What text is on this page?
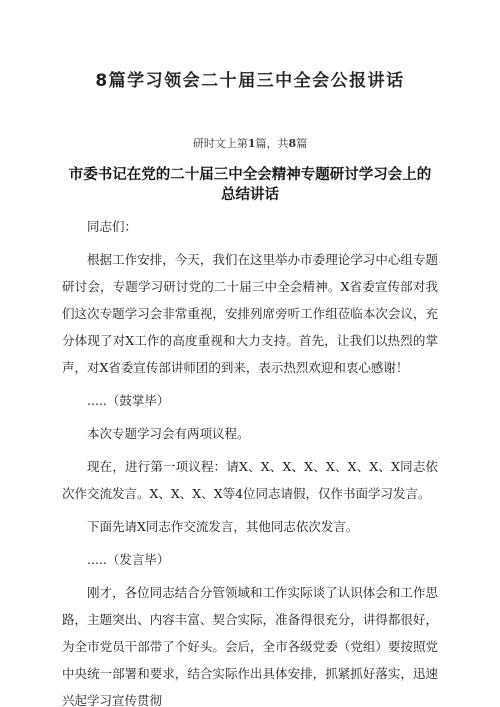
8篇学习领会二十届三中全会公报讲话
研时文上第1篇，共8篇
市委书记在党的二十届三中全会精神专题研讨学习会上的总结讲话

同志们：

根据工作安排，今天，我们在这里举办市委理论学习中心组专题研讨会，专题学习研讨党的二十届三中全会精神。X省委宣传部对我们这次专题学习会非常重视，安排列席旁听工作组莅临本次会议，充分体现了对X工作的高度重视和大力支持。首先，让我们以热烈的掌声，对X省委宣传部讲师团的到来，表示热烈欢迎和衷心感谢！

.....（鼓掌毕）

本次专题学习会有两项议程。

现在，进行第一项议程：请X、X、X、X、X、X、X、X同志依次作交流发言。X、X、X、X等4位同志请假，仅作书面学习发言。

下面先请X同志作交流发言，其他同志依次发言。

.....（发言毕）

刚才，各位同志结合分管领域和工作实际谈了认识体会和工作思路，主题突出、内容丰富、契合实际，准备得很充分，讲得都很好，为全市党员干部带了个好头。会后，全市各级党委（党组）要按照党中央统一部署和要求，结合实际作出具体安排，抓紧抓好落实，迅速兴起学习宣传贯彻
